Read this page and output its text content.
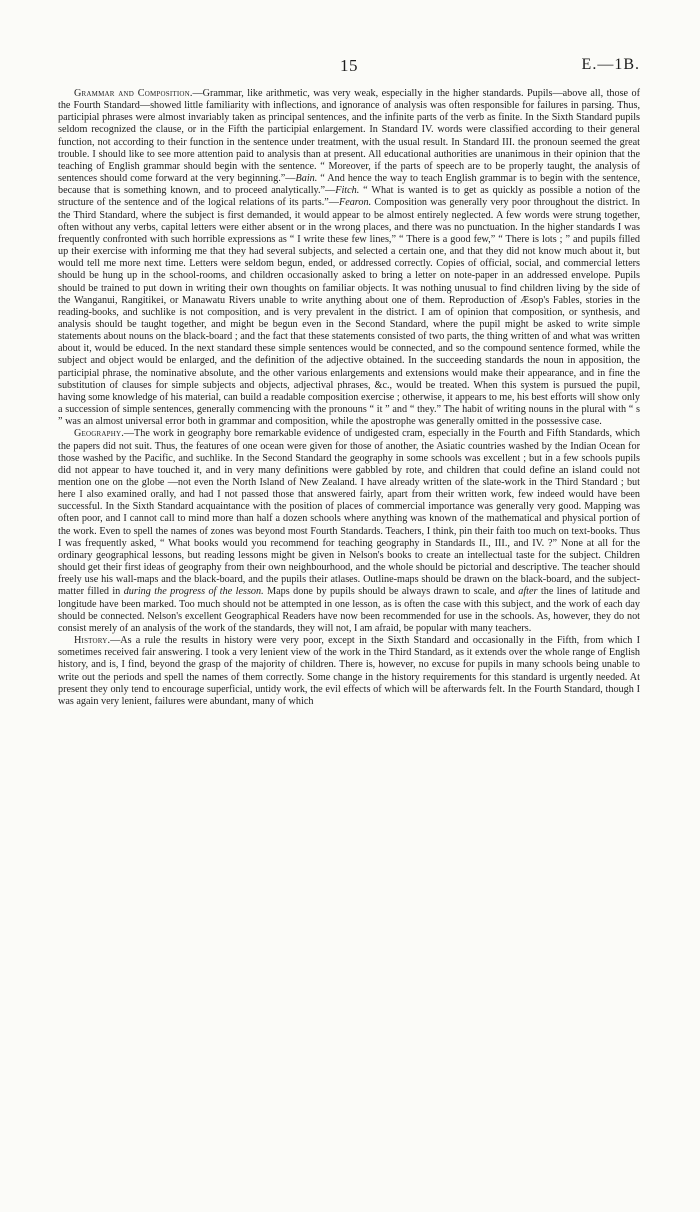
15	E.—1B.

Grammar and Composition.—Grammar, like arithmetic, was very weak, especially in the higher standards. Pupils—above all, those of the Fourth Standard—showed little familiarity with inflections, and ignorance of analysis was often responsible for failures in parsing. Thus, participial phrases were almost invariably taken as principal sentences, and the infinite parts of the verb as finite. In the Sixth Standard pupils seldom recognized the clause, or in the Fifth the participial enlargement. In Standard IV. words were classified according to their general function, not according to their function in the sentence under treatment, with the usual result. In Standard III. the pronoun seemed the great trouble. I should like to see more attention paid to analysis than at present. All educational authorities are unanimous in their opinion that the teaching of English grammar should begin with the sentence. “ Moreover, if the parts of speech are to be properly taught, the analysis of sentences should come forward at the very beginning.”—Bain. “ And hence the way to teach English grammar is to begin with the sentence, because that is something known, and to proceed analytically.”—Fitch. “ What is wanted is to get as quickly as possible a notion of the structure of the sentence and of the logical relations of its parts.”—Fearon. Composition was generally very poor throughout the district. In the Third Standard, where the subject is first demanded, it would appear to be almost entirely neglected. A few words were strung together, often without any verbs, capital letters were either absent or in the wrong places, and there was no punctuation. In the higher standards I was frequently confronted with such horrible expressions as “ I write these few lines,” “ There is a good few,” “ There is lots ; ” and pupils filled up their exercise with informing me that they had several subjects, and selected a certain one, and that they did not know much about it, but would tell me more next time. Letters were seldom begun, ended, or addressed correctly. Copies of official, social, and commercial letters should be hung up in the school-rooms, and children occasionally asked to bring a letter on note-paper in an addressed envelope. Pupils should be trained to put down in writing their own thoughts on familiar objects. It was nothing unusual to find children living by the side of the Wanganui, Rangitikei, or Manawatu Rivers unable to write anything about one of them. Reproduction of Æsop's Fables, stories in the reading-books, and suchlike is not composition, and is very prevalent in the district. I am of opinion that composition, or synthesis, and analysis should be taught together, and might be begun even in the Second Standard, where the pupil might be asked to write simple statements about nouns on the black-board ; and the fact that these statements consisted of two parts, the thing written of and what was written about it, would be educed. In the next standard these simple sentences would be connected, and so the compound sentence formed, while the subject and object would be enlarged, and the definition of the adjective obtained. In the succeeding standards the noun in apposition, the participial phrase, the nominative absolute, and the other various enlargements and extensions would make their appearance, and in fine the substitution of clauses for simple subjects and objects, adjectival phrases, &c., would be treated. When this system is pursued the pupil, having some knowledge of his material, can build a readable composition exercise ; otherwise, it appears to me, his best efforts will show only a succession of simple sentences, generally commencing with the pronouns “ it ” and “ they.” The habit of writing nouns in the plural with “ s ” was an almost universal error both in grammar and composition, while the apostrophe was generally omitted in the possessive case.

Geography.—The work in geography bore remarkable evidence of undigested cram, especially in the Fourth and Fifth Standards, which the papers did not suit. Thus, the features of one ocean were given for those of another, the Asiatic countries washed by the Indian Ocean for those washed by the Pacific, and suchlike. In the Second Standard the geography in some schools was excellent ; but in a few schools pupils did not appear to have touched it, and in very many definitions were gabbled by rote, and children that could define an island could not mention one on the globe —not even the North Island of New Zealand. I have already written of the slate-work in the Third Standard ; but here I also examined orally, and had I not passed those that answered fairly, apart from their written work, few indeed would have been successful. In the Sixth Standard acquaintance with the position of places of commercial importance was generally very good. Mapping was often poor, and I cannot call to mind more than half a dozen schools where anything was known of the mathematical and physical portion of the work. Even to spell the names of zones was beyond most Fourth Standards. Teachers, I think, pin their faith too much on text-books. Thus I was frequently asked, “ What books would you recommend for teaching geography in Standards II., III., and IV. ?” None at all for the ordinary geographical lessons, but reading lessons might be given in Nelson's books to create an intellectual taste for the subject. Children should get their first ideas of geography from their own neighbourhood, and the whole should be pictorial and descriptive. The teacher should freely use his wall-maps and the black-board, and the pupils their atlases. Outline-maps should be drawn on the black-board, and the subject-matter filled in during the progress of the lesson. Maps done by pupils should be always drawn to scale, and after the lines of latitude and longitude have been marked. Too much should not be attempted in one lesson, as is often the case with this subject, and the work of each day should be connected. Nelson's excellent Geographical Readers have now been recommended for use in the schools. As, however, they do not consist merely of an analysis of the work of the standards, they will not, I am afraid, be popular with many teachers.

History.—As a rule the results in history were very poor, except in the Sixth Standard and occasionally in the Fifth, from which I sometimes received fair answering. I took a very lenient view of the work in the Third Standard, as it extends over the whole range of English history, and is, I find, beyond the grasp of the majority of children. There is, however, no excuse for pupils in many schools being unable to write out the periods and spell the names of them correctly. Some change in the history requirements for this standard is urgently needed. At present they only tend to encourage superficial, untidy work, the evil effects of which will be afterwards felt. In the Fourth Standard, though I was again very lenient, failures were abundant, many of which
